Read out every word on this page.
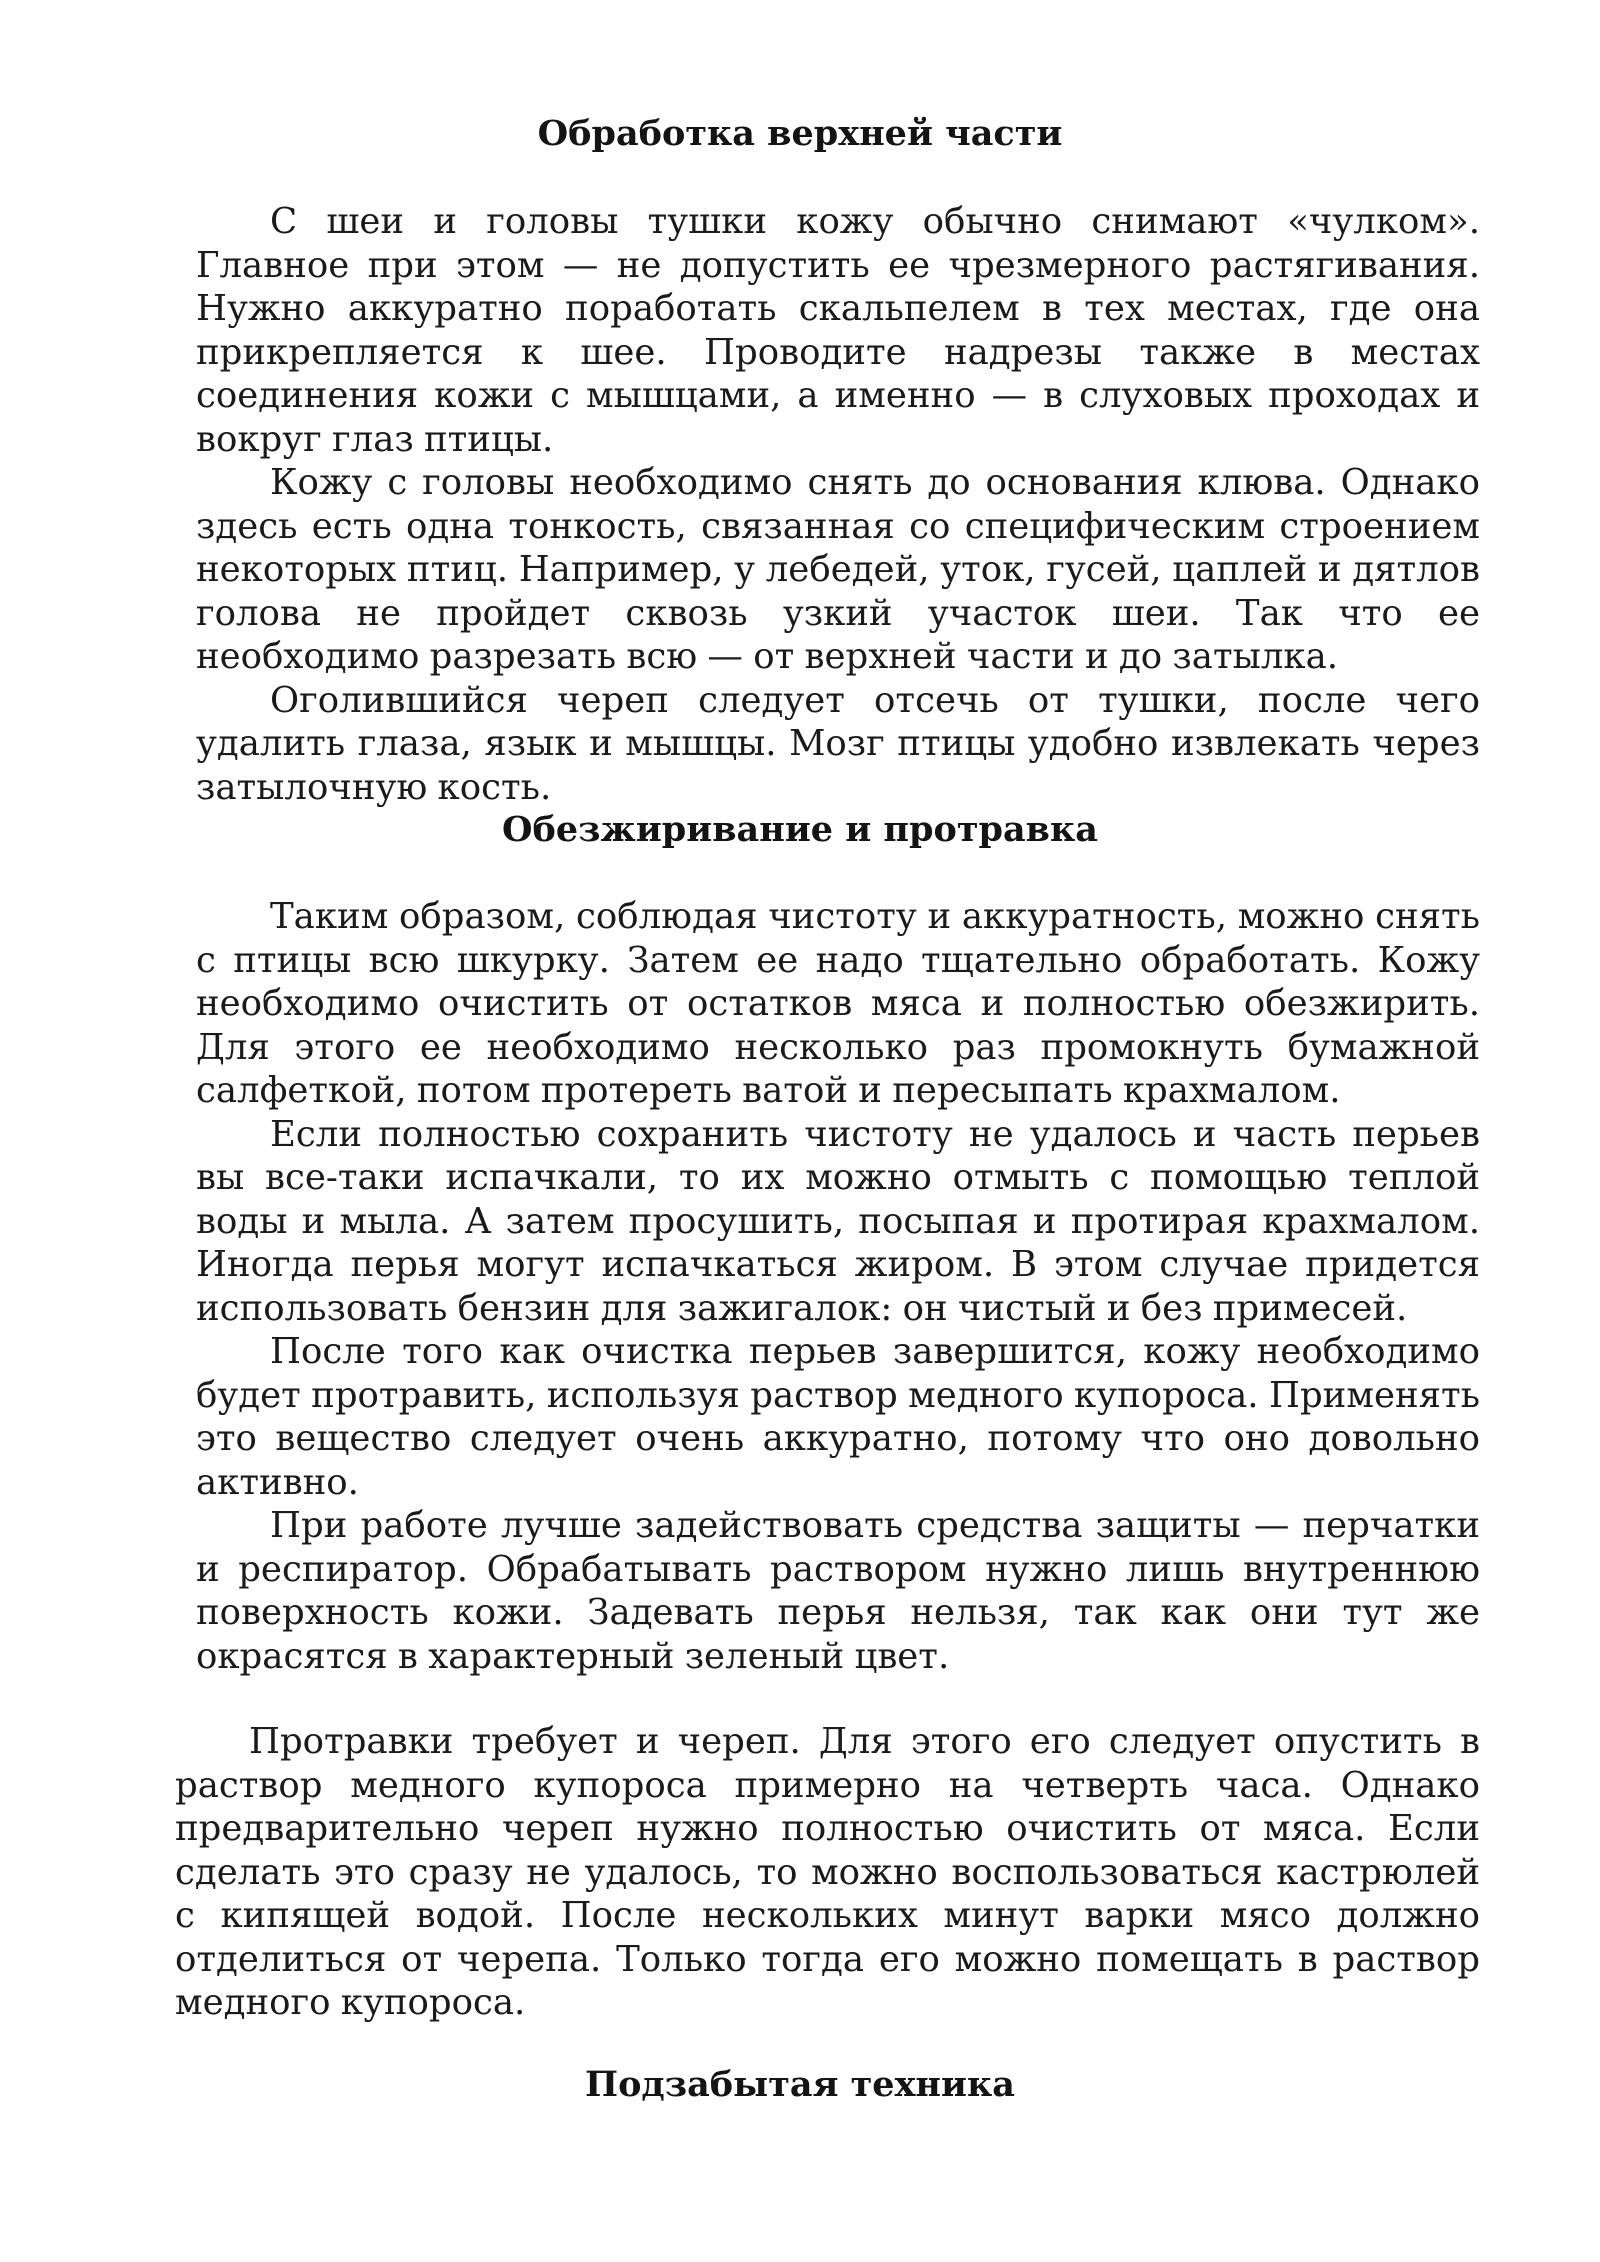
Обработка верхней части

С шеи и головы тушки кожу обычно снимают «чулком». Главное при этом — не допустить ее чрезмерного растягивания. Нужно аккуратно поработать скальпелем в тех местах, где она прикрепляется к шее. Проводите надрезы также в местах соединения кожи с мышцами, а именно — в слуховых проходах и вокруг глаз птицы.

Кожу с головы необходимо снять до основания клюва. Однако здесь есть одна тонкость, связанная со специфическим строением некоторых птиц. Например, у лебедей, уток, гусей, цаплей и дятлов голова не пройдет сквозь узкий участок шеи. Так что ее необходимо разрезать всю — от верхней части и до затылка.

Оголившийся череп следует отсечь от тушки, после чего удалить глаза, язык и мышцы. Мозг птицы удобно извлекать через затылочную кость.

Обезжиривание и протравка

Таким образом, соблюдая чистоту и аккуратность, можно снять с птицы всю шкурку. Затем ее надо тщательно обработать. Кожу необходимо очистить от остатков мяса и полностью обезжирить. Для этого ее необходимо несколько раз промокнуть бумажной салфеткой, потом протереть ватой и пересыпать крахмалом.

Если полностью сохранить чистоту не удалось и часть перьев вы все-таки испачкали, то их можно отмыть с помощью теплой воды и мыла. А затем просушить, посыпая и протирая крахмалом. Иногда перья могут испачкаться жиром. В этом случае придется использовать бензин для зажигалок: он чистый и без примесей.

После того как очистка перьев завершится, кожу необходимо будет протравить, используя раствор медного купороса. Применять это вещество следует очень аккуратно, потому что оно довольно активно.

При работе лучше задействовать средства защиты — перчатки и респиратор. Обрабатывать раствором нужно лишь внутреннюю поверхность кожи. Задевать перья нельзя, так как они тут же окрасятся в характерный зеленый цвет.

Протравки требует и череп. Для этого его следует опустить в раствор медного купороса примерно на четверть часа. Однако предварительно череп нужно полностью очистить от мяса. Если сделать это сразу не удалось, то можно воспользоваться кастрюлей с кипящей водой. После нескольких минут варки мясо должно отделиться от черепа. Только тогда его можно помещать в раствор медного купороса.

Подзабытая техника
